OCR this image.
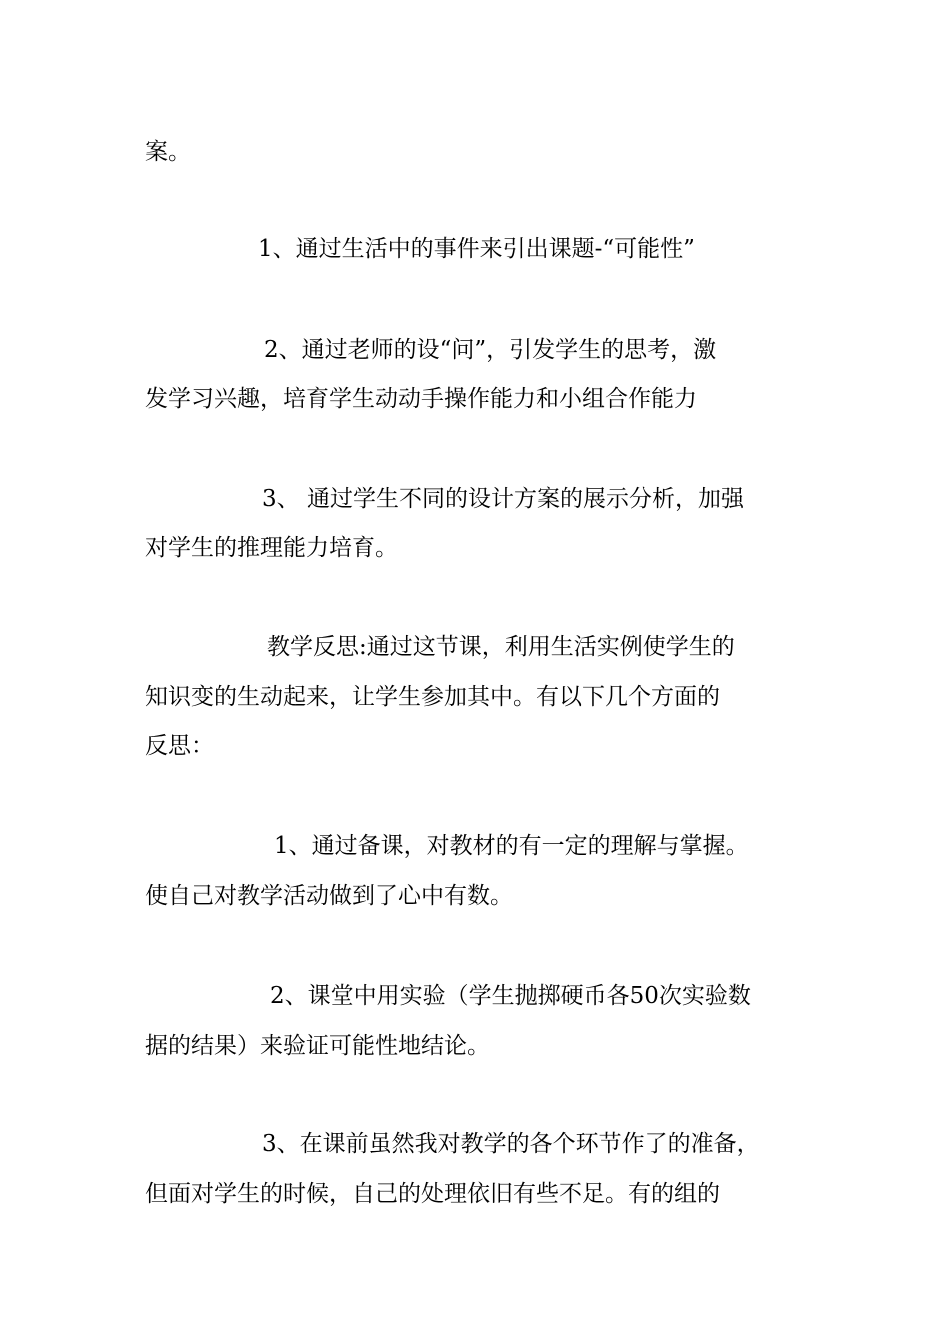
案。
1、通过生活中的事件来引出课题-“可能性”
2、通过老师的设“问”，引发学生的思考，激
发学习兴趣，培育学生动动手操作能力和小组合作能力
3、 通过学生不同的设计方案的展示分析，加强
对学生的推理能力培育。
教学反思:通过这节课，利用生活实例使学生的
知识变的生动起来，让学生参加其中。有以下几个方面的
反思：
1、通过备课，对教材的有一定的理解与掌握。
使自己对教学活动做到了心中有数。
2、课堂中用实验（学生抛掷硬币各50次实验数
据的结果）来验证可能性地结论。
3、在课前虽然我对教学的各个环节作了的准备，
但面对学生的时候，自己的处理依旧有些不足。有的组的
